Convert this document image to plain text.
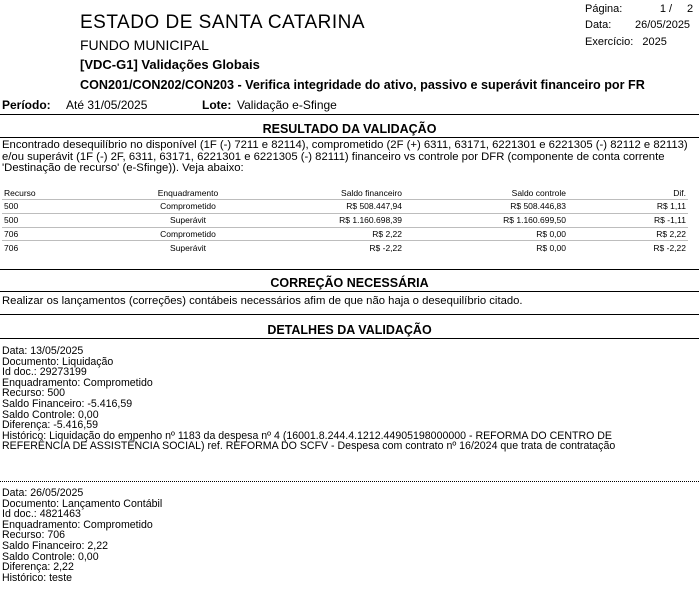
ESTADO DE SANTA CATARINA
FUNDO MUNICIPAL
[VDC-G1] Validações Globais
CON201/CON202/CON203 - Verifica integridade do ativo, passivo e superávit financeiro por FR
Página:	1 / 2
Data: 26/05/2025
Exercício: 2025
Período: Até 31/05/2025	Lote: Validação e-Sfinge
RESULTADO DA VALIDAÇÃO
Encontrado desequilíbrio no disponível (1F (-) 7211 e 82114), comprometido (2F (+) 6311, 63171, 6221301 e 6221305 (-) 82112 e 82113)
e/ou superávit (1F (-) 2F, 6311, 63171, 6221301 e 6221305 (-) 82111) financeiro vs controle por DFR (componente de conta corrente
'Destinação de recurso' (e-Sfinge)). Veja abaixo:
Recurso	Enquadramento	Saldo financeiro	Saldo controle	Dif.
500	Comprometido	R$ 508.447,94	R$ 508.446,83	R$ 1,11
500	Superávit	R$ 1.160.698,39	R$ 1.160.699,50	R$ -1,11
706	Comprometido	R$ 2,22	R$ 0,00	R$ 2,22
706	Superávit	R$ -2,22	R$ 0,00	R$ -2,22
CORREÇÃO NECESSÁRIA
Realizar os lançamentos (correções) contábeis necessários afim de que não haja o desequilíbrio citado.
DETALHES DA VALIDAÇÃO
Data: 13/05/2025
Documento: Liquidação
Id doc.: 29273199
Enquadramento: Comprometido
Recurso: 500
Saldo Financeiro: -5.416,59
Saldo Controle: 0,00
Diferença: -5.416,59
Histórico: Liquidação do empenho nº 1183 da despesa nº 4 (16001.8.244.4.1212.44905198000000 - REFORMA DO CENTRO DE
REFERÊNCIA DE ASSISTÊNCIA SOCIAL) ref. REFORMA DO SCFV - Despesa com contrato nº 16/2024 que trata de contratação
Data: 26/05/2025
Documento: Lançamento Contábil
Id doc.: 4821463
Enquadramento: Comprometido
Recurso: 706
Saldo Financeiro: 2,22
Saldo Controle: 0,00
Diferença: 2,22
Histórico: teste
